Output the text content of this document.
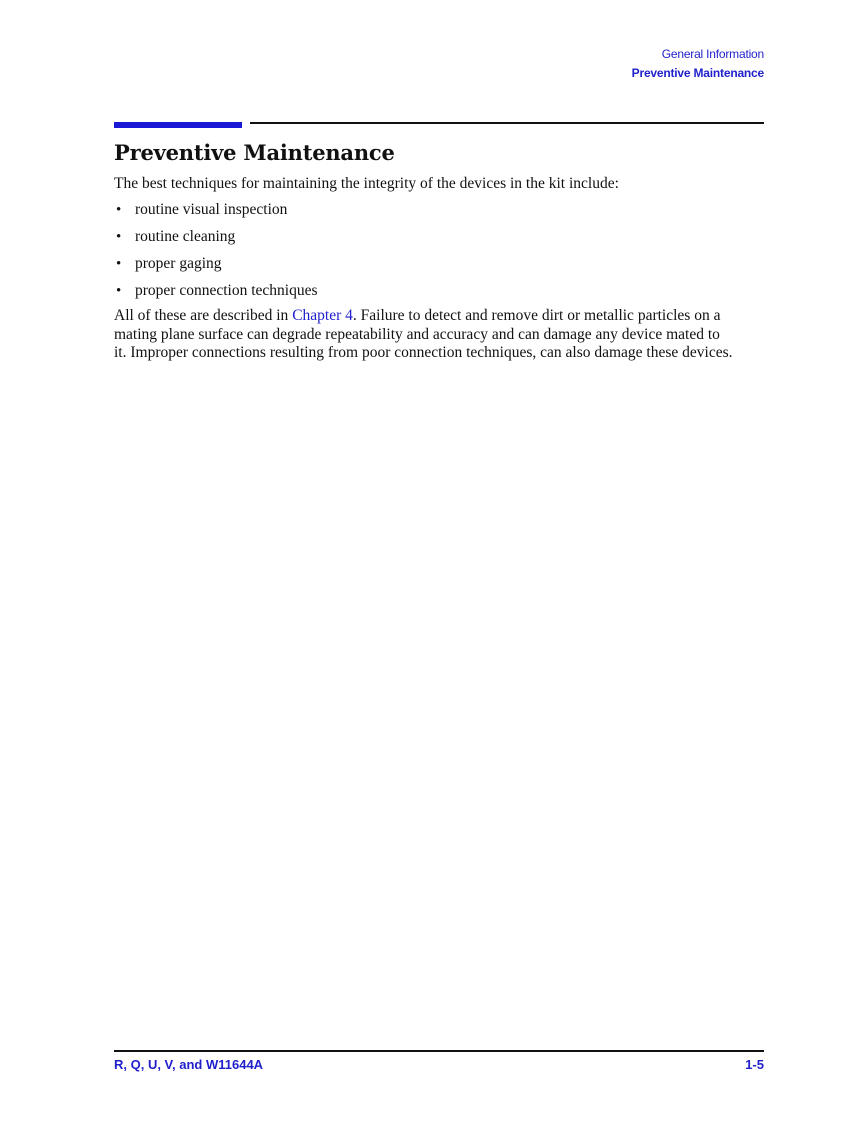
General Information
Preventive Maintenance
Preventive Maintenance

The best techniques for maintaining the integrity of the devices in the kit include:

• routine visual inspection
• routine cleaning
• proper gaging
• proper connection techniques

All of these are described in Chapter 4. Failure to detect and remove dirt or metallic particles on a mating plane surface can degrade repeatability and accuracy and can damage any device mated to it. Improper connections resulting from poor connection techniques, can also damage these devices.

R, Q, U, V, and W11644A	1-5
